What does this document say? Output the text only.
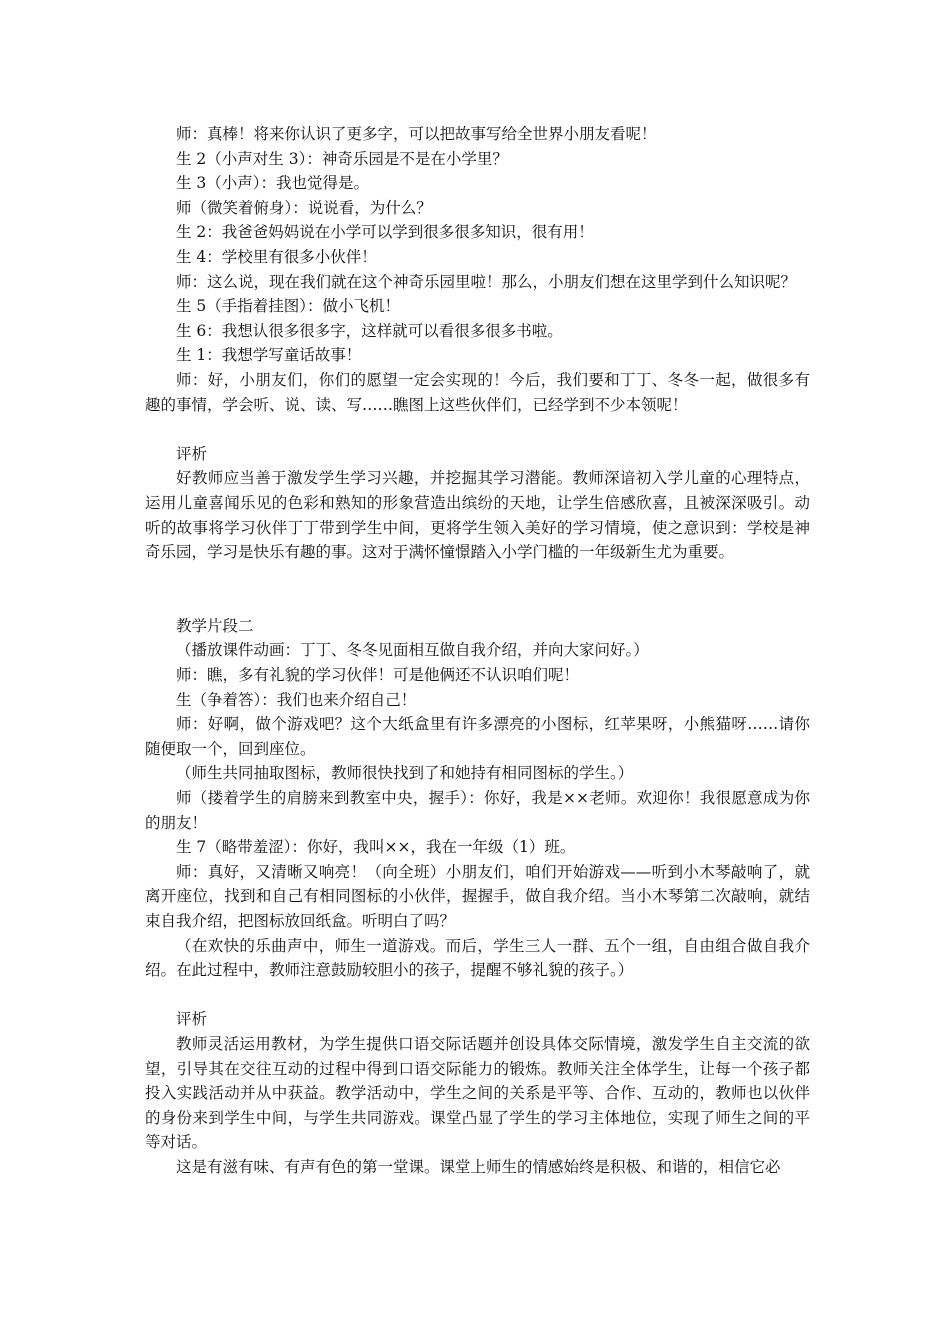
师：真棒！将来你认识了更多字，可以把故事写给全世界小朋友看呢！

生 2（小声对生 3）：神奇乐园是不是在小学里？

生 3（小声）：我也觉得是。

师（微笑着俯身）：说说看，为什么？

生 2：我爸爸妈妈说在小学可以学到很多很多知识，很有用！

生 4：学校里有很多小伙伴！

师：这么说，现在我们就在这个神奇乐园里啦！那么，小朋友们想在这里学到什么知识呢？

生 5（手指着挂图）：做小飞机！

生 6：我想认很多很多字，这样就可以看很多很多书啦。

生 1：我想学写童话故事！

师：好，小朋友们，你们的愿望一定会实现的！今后，我们要和丁丁、冬冬一起，做很多有趣的事情，学会听、说、读、写……瞧图上这些伙伴们，已经学到不少本领呢！

评析

好教师应当善于激发学生学习兴趣，并挖掘其学习潜能。教师深谙初入学儿童的心理特点，运用儿童喜闻乐见的色彩和熟知的形象营造出缤纷的天地，让学生倍感欣喜，且被深深吸引。动听的故事将学习伙伴丁丁带到学生中间，更将学生领入美好的学习情境，使之意识到：学校是神奇乐园，学习是快乐有趣的事。这对于满怀憧憬踏入小学门槛的一年级新生尤为重要。

教学片段二

（播放课件动画：丁丁、冬冬见面相互做自我介绍，并向大家问好。）

师：瞧，多有礼貌的学习伙伴！可是他俩还不认识咱们呢！

生（争着答）：我们也来介绍自己！

师：好啊，做个游戏吧？这个大纸盒里有许多漂亮的小图标，红苹果呀，小熊猫呀……请你随便取一个，回到座位。

（师生共同抽取图标，教师很快找到了和她持有相同图标的学生。）

师（搂着学生的肩膀来到教室中央，握手）：你好，我是××老师。欢迎你！我很愿意成为你的朋友！

生 7（略带羞涩）：你好，我叫××，我在一年级（1）班。

师：真好，又清晰又响亮！（向全班）小朋友们，咱们开始游戏——听到小木琴敲响了，就离开座位，找到和自己有相同图标的小伙伴，握握手，做自我介绍。当小木琴第二次敲响，就结束自我介绍，把图标放回纸盒。听明白了吗？

（在欢快的乐曲声中，师生一道游戏。而后，学生三人一群、五个一组，自由组合做自我介绍。在此过程中，教师注意鼓励较胆小的孩子，提醒不够礼貌的孩子。）

评析

教师灵活运用教材，为学生提供口语交际话题并创设具体交际情境，激发学生自主交流的欲望，引导其在交往互动的过程中得到口语交际能力的锻炼。教师关注全体学生，让每一个孩子都投入实践活动并从中获益。教学活动中，学生之间的关系是平等、合作、互动的，教师也以伙伴的身份来到学生中间，与学生共同游戏。课堂凸显了学生的学习主体地位，实现了师生之间的平等对话。

这是有滋有味、有声有色的第一堂课。课堂上师生的情感始终是积极、和谐的，相信它必
